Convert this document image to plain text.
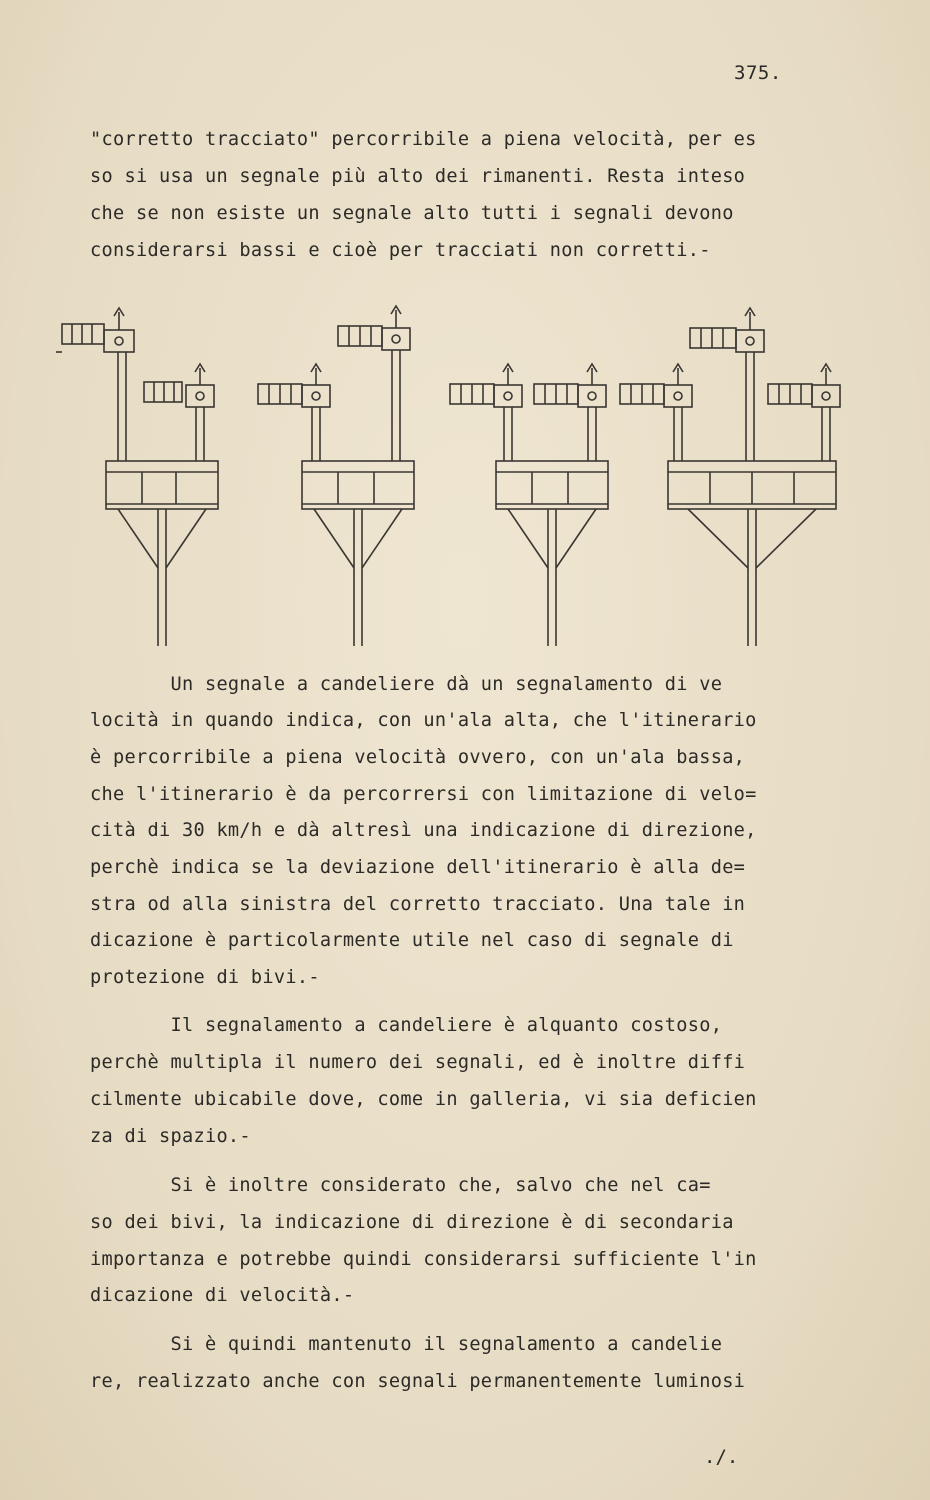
375.
"corretto tracciato" percorribile a piena velocità, per es
so si usa un segnale più alto dei rimanenti. Resta inteso
che se non esiste un segnale alto tutti i segnali devono
considerarsi bassi e cioè per tracciati non corretti.-
Un segnale a candeliere dà un segnalamento di ve
locità in quando indica, con un'ala alta, che l'itinerario
è percorribile a piena velocità ovvero, con un'ala bassa,
che l'itinerario è da percorrersi con limitazione di velo=
cità di 30 km/h e dà altresì una indicazione di direzione,
perchè indica se la deviazione dell'itinerario è alla de=
stra od alla sinistra del corretto tracciato. Una tale in
dicazione è particolarmente utile nel caso di segnale di
protezione di bivi.-
Il segnalamento a candeliere è alquanto costoso,
perchè multipla il numero dei segnali, ed è inoltre diffi
cilmente ubicabile dove, come in galleria, vi sia deficien
za di spazio.-
Si è inoltre considerato che, salvo che nel ca=
so dei bivi, la indicazione di direzione è di secondaria
importanza e potrebbe quindi considerarsi sufficiente l'in
dicazione di velocità.-
Si è quindi mantenuto il segnalamento a candelie
re, realizzato anche con segnali permanentemente luminosi
./.
